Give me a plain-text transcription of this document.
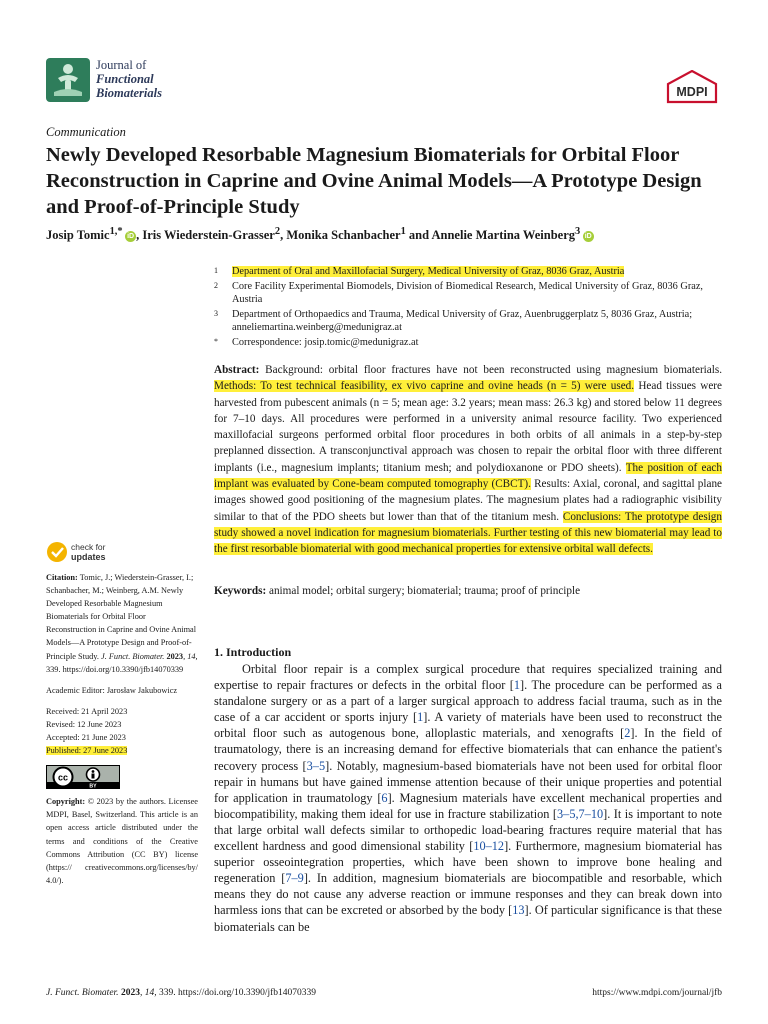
Journal of
Functional
Biomaterials	MDPI
Communication
Newly Developed Resorbable Magnesium Biomaterials for Orbital Floor Reconstruction in Caprine and Ovine Animal Models—A Prototype Design and Proof-of-Principle Study
Josip Tomic$^{1,*}$  iD , Iris Wiederstein-Grasser$^2$, Monika Schanbacher$^1$ and Annelie Martina Weinberg$^3$  iD
1 Department of Oral and Maxillofacial Surgery, Medical University of Graz, 8036 Graz, Austria
2 Core Facility Experimental Biomodels, Division of Biomedical Research, Medical University of Graz, 8036 Graz, Austria
3 Department of Orthopaedics and Trauma, Medical University of Graz, Auenbruggerplatz 5, 8036 Graz, Austria; anneliemartina.weinberg@medunigraz.at
* Correspondence: josip.tomic@medunigraz.at
Abstract: Background: orbital floor fractures have not been reconstructed using magnesium biomaterials. Methods: To test technical feasibility, ex vivo caprine and ovine heads (n = 5) were used. Head tissues were harvested from pubescent animals (n = 5; mean age: 3.2 years; mean mass: 26.3 kg) and stored below 11 degrees for 7–10 days. All procedures were performed in a university animal resource facility. Two experienced maxillofacial surgeons performed orbital floor procedures in both orbits of all animals in a step-by-step preplanned dissection. A transconjunctival approach was chosen to repair the orbital floor with three different implants (i.e., magnesium implants; titanium mesh; and polydioxanone or PDO sheets). The position of each implant was evaluated by Cone-beam computed tomography (CBCT). Results: Axial, coronal, and sagittal plane images showed good positioning of the magnesium plates. The magnesium plates had a radiographic visibility similar to that of the PDO sheets but lower than that of the titanium mesh. Conclusions: The prototype design study showed a novel indication for magnesium biomaterials. Further testing of this new biomaterial may lead to the first resorbable biomaterial with good mechanical properties for extensive orbital wall defects.
Keywords: animal model; orbital surgery; biomaterial; trauma; proof of principle
check for
updates
Citation: Tomic, J.; Wiederstein-Grasser, I.; Schanbacher, M.; Weinberg, A.M. Newly Developed Resorbable Magnesium Biomaterials for Orbital Floor Reconstruction in Caprine and Ovine Animal Models—A Prototype Design and Proof-of-Principle Study. J. Funct. Biomater. 2023, 14, 339. https://doi.org/10.3390/jfb14070339
Academic Editor: Jarosław Jakubowicz
Received: 21 April 2023
Revised: 12 June 2023
Accepted: 21 June 2023
Published: 27 June 2023
cc
BY
Copyright: © 2023 by the authors. Licensee MDPI, Basel, Switzerland. This article is an open access article distributed under the terms and conditions of the Creative Commons Attribution (CC BY) license (https:// creativecommons.org/licenses/by/ 4.0/).
1. Introduction

Orbital floor repair is a complex surgical procedure that requires specialized training and expertise to repair fractures or defects in the orbital floor [1]. The procedure can be performed as a standalone surgery or as a part of a larger surgical approach to address facial trauma, such as in the case of a car accident or sports injury [1]. A variety of materials have been used to reconstruct the orbital floor such as autogenous bone, alloplastic materials, and xenografts [2]. In the field of traumatology, there is an increasing demand for effective biomaterials that can enhance the patient's recovery process [3–5]. Notably, magnesium-based biomaterials have not been used for orbital floor repair in humans but have gained immense attention because of their unique properties and potential for application in traumatology [6]. Magnesium materials have excellent mechanical properties and biocompatibility, making them ideal for use in fracture stabilization [3–5,7–10]. It is important to note that large orbital wall defects similar to orthopedic load-bearing fractures require material that has excellent hardness and good dimensional stability [10–12]. Furthermore, magnesium biomaterial has superior osseointegration properties, which have been shown to improve bone healing and regeneration [7–9]. In addition, magnesium biomaterials are biocompatible and resorbable, which means they do not cause any adverse reaction or immune responses and they can break down into harmless ions that can be excreted or absorbed by the body [13]. Of particular significance is that these biomaterials can be

J. Funct. Biomater. 2023, 14, 339. https://doi.org/10.3390/jfb14070339	https://www.mdpi.com/journal/jfb
